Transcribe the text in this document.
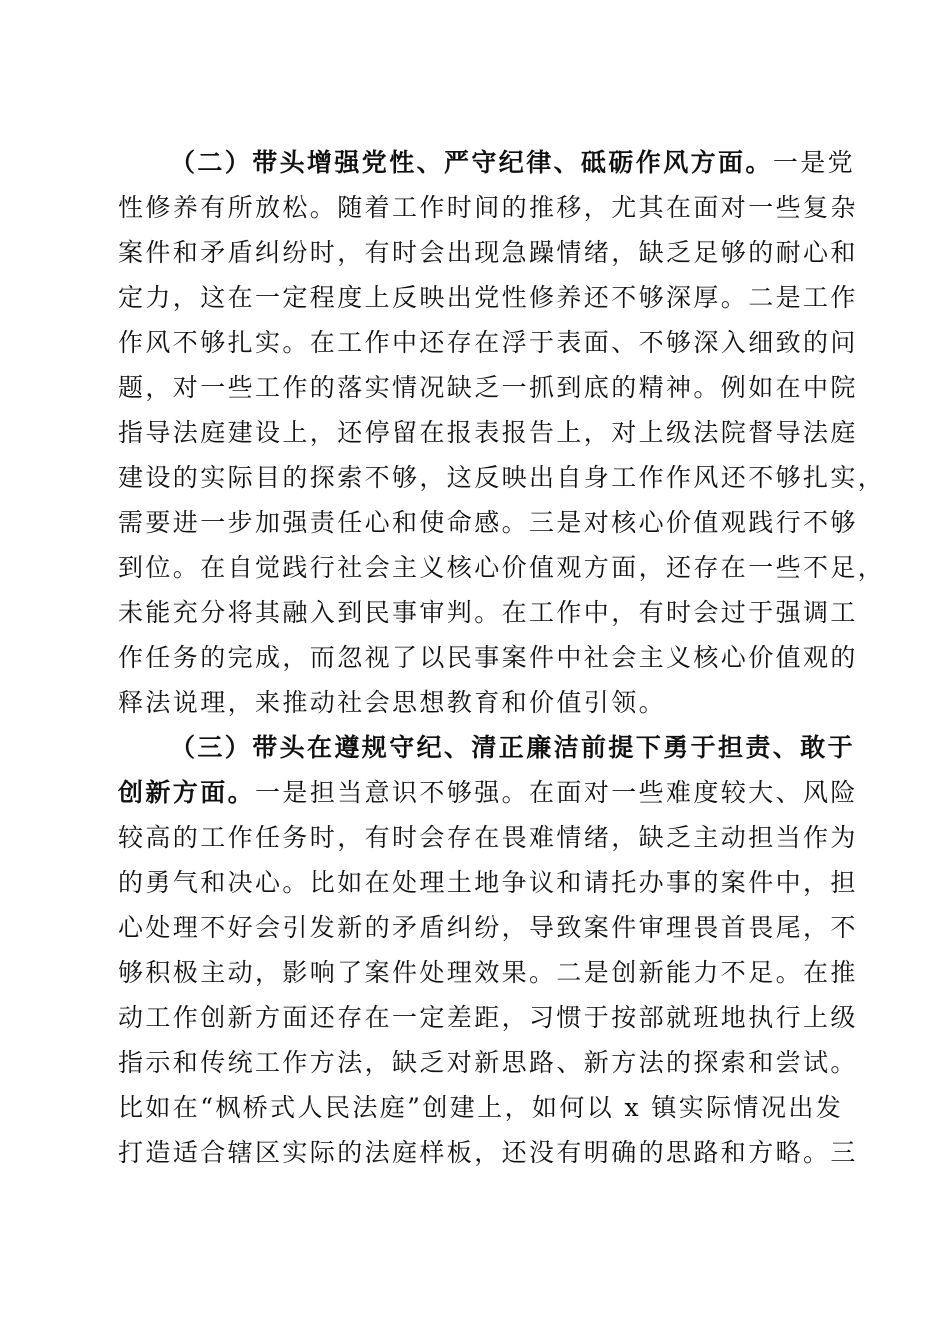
（二）带头增强党性、严守纪律、砥砺作风方面。一是党
性修养有所放松。随着工作时间的推移，尤其在面对一些复杂
案件和矛盾纠纷时，有时会出现急躁情绪，缺乏足够的耐心和
定力，这在一定程度上反映出党性修养还不够深厚。二是工作
作风不够扎实。在工作中还存在浮于表面、不够深入细致的问
题，对一些工作的落实情况缺乏一抓到底的精神。例如在中院
指导法庭建设上，还停留在报表报告上，对上级法院督导法庭
建设的实际目的探索不够，这反映出自身工作作风还不够扎实，
需要进一步加强责任心和使命感。三是对核心价值观践行不够
到位。在自觉践行社会主义核心价值观方面，还存在一些不足，
未能充分将其融入到民事审判。在工作中，有时会过于强调工
作任务的完成，而忽视了以民事案件中社会主义核心价值观的
释法说理，来推动社会思想教育和价值引领。
（三）带头在遵规守纪、清正廉洁前提下勇于担责、敢于
创新方面。一是担当意识不够强。在面对一些难度较大、风险
较高的工作任务时，有时会存在畏难情绪，缺乏主动担当作为
的勇气和决心。比如在处理土地争议和请托办事的案件中，担
心处理不好会引发新的矛盾纠纷，导致案件审理畏首畏尾，不
够积极主动，影响了案件处理效果。二是创新能力不足。在推
动工作创新方面还存在一定差距，习惯于按部就班地执行上级
指示和传统工作方法，缺乏对新思路、新方法的探索和尝试。
比如在“枫桥式人民法庭”创建上，如何以 x 镇实际情况出发
打造适合辖区实际的法庭样板，还没有明确的思路和方略。三
